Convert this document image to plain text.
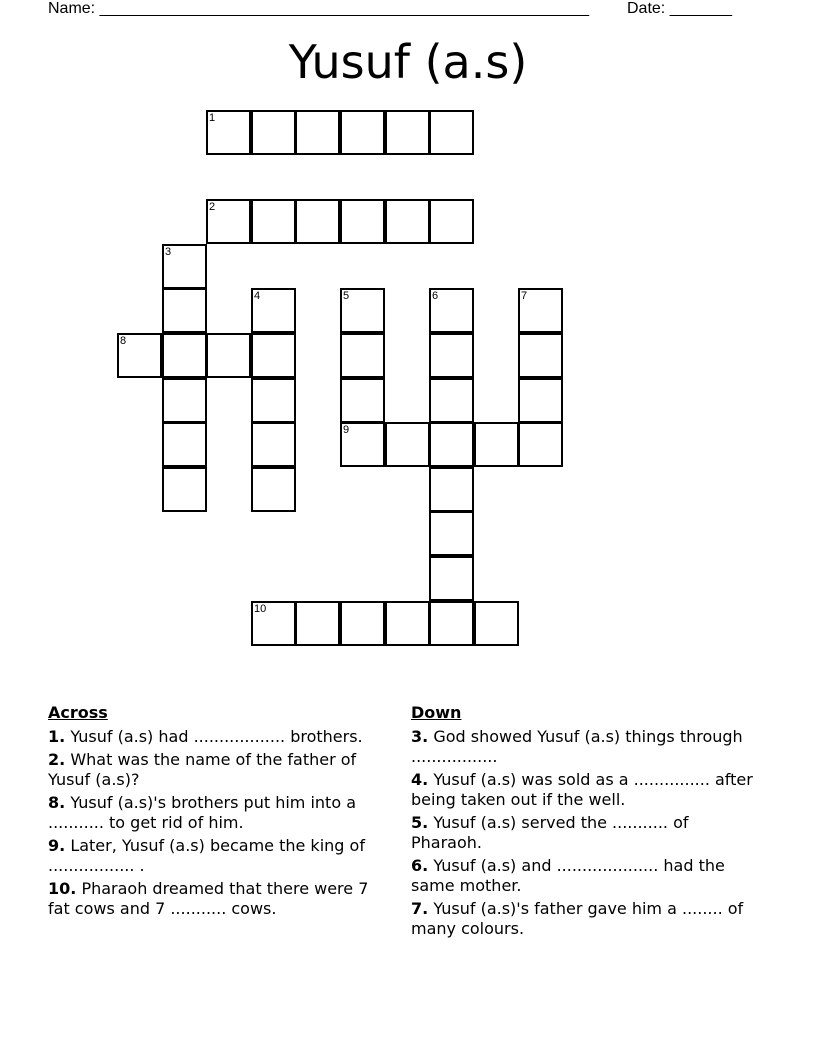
Name: _______________________________________________________ Date: _______
Yusuf (a.s)
1
2
3
4	5
9
6	7
8
10
Across
1. Yusuf (a.s) had .................. brothers.
2. What was the name of the father of Yusuf (a.s)?
8. Yusuf (a.s)'s brothers put him into a ........... to get rid of him.
9. Later, Yusuf (a.s) became the king of ................. .
10. Pharaoh dreamed that there were 7 fat cows and 7 ........... cows.
Down
3. God showed Yusuf (a.s) things through .................
4. Yusuf (a.s) was sold as a ............... after being taken out if the well.
5. Yusuf (a.s) served the ........... of Pharaoh.
6. Yusuf (a.s) and .................... had the same mother.
7. Yusuf (a.s)'s father gave him a ........ of many colours.
